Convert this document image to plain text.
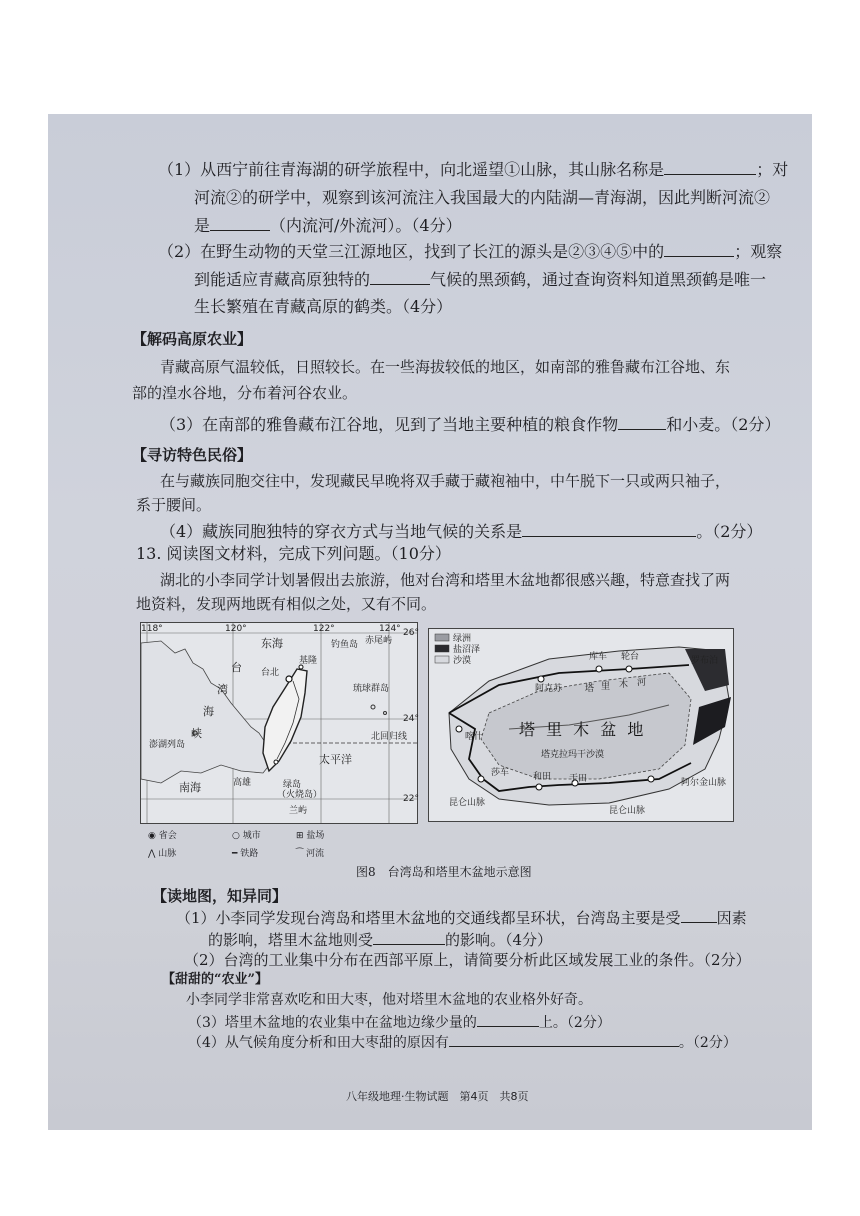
（1）从西宁前往青海湖的研学旅程中，向北遥望①山脉，其山脉名称是	；对
河流②的研学中，观察到该河流注入我国最大的内陆湖—青海湖，因此判断河流②
是	（内流河/外流河）。（4分）
（2）在野生动物的天堂三江源地区，找到了长江的源头是②③④⑤中的	；观察
到能适应青藏高原独特的	气候的黑颈鹤，通过查询资料知道黑颈鹤是唯一
生长繁殖在青藏高原的鹤类。（4分）
【解码高原农业】
青藏高原气温较低，日照较长。在一些海拔较低的地区，如南部的雅鲁藏布江谷地、东
部的湟水谷地，分布着河谷农业。
（3）在南部的雅鲁藏布江谷地，见到了当地主要种植的粮食作物	和小麦。（2分）
【寻访特色民俗】
在与藏族同胞交往中，发现藏民早晚将双手藏于藏袍袖中，中午脱下一只或两只袖子，
系于腰间。
（4）藏族同胞独特的穿衣方式与当地气候的关系是	。（2分）
13. 阅读图文材料，完成下列问题。（10分）
湖北的小李同学计划暑假出去旅游，他对台湾和塔里木盆地都很感兴趣，特意查找了两
地资料，发现两地既有相似之处，又有不同。
118°	120°	122°	124° 26°
24°
22°
东海	钓鱼岛 赤尾屿
台
湾
海
峡
基隆
台北
琉球群岛
澎湖列岛
北回归线
太平洋
南海	高雄	绿岛
（火烧岛）
兰屿
绿洲
盐沼泽
沙漠	库车 轮台	罗布泊
阿克苏	塔 里 木 河
塔 里 木 盆 地
塔克拉玛干沙漠
喀什
莎车	和田 于田	阿尔金山脉
昆仑山脉
昆仑山脉
◉ 省会	○ 城市	⊞ 盐场
⋀ 山脉	━ 铁路	⁀ 河流
图8　台湾岛和塔里木盆地示意图
【读地图，知异同】
（1）小李同学发现台湾岛和塔里木盆地的交通线都呈环状，台湾岛主要是受 因素
的影响，塔里木盆地则受	的影响。（4分）
（2）台湾的工业集中分布在西部平原上，请简要分析此区域发展工业的条件。（2分）
【甜甜的“农业”】
小李同学非常喜欢吃和田大枣，他对塔里木盆地的农业格外好奇。
（3）塔里木盆地的农业集中在盆地边缘少量的	上。（2分）
（4）从气候角度分析和田大枣甜的原因有	。（2分）
八年级地理·生物试题　第4页　共8页
